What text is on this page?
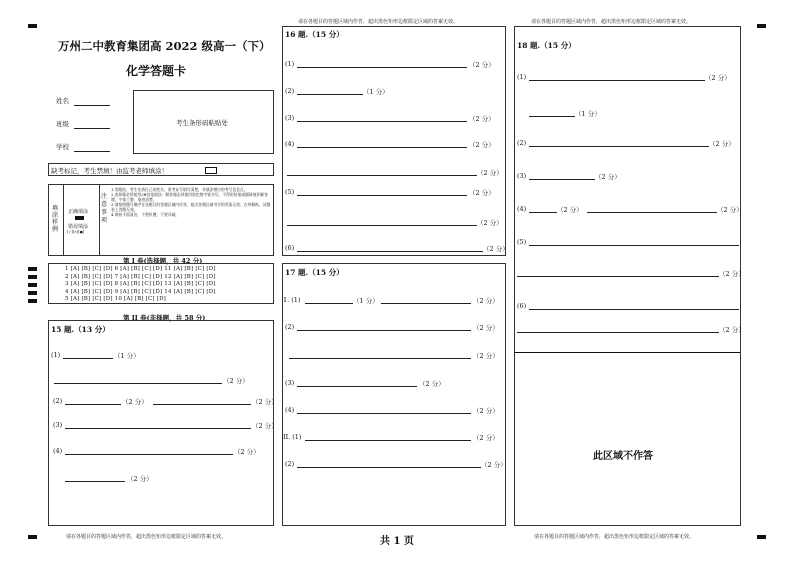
请在各题目的答题区域内作答，超出黑色矩形边框限定区域的答案无效。	请在各题目的答题区域内作答，超出黑色矩形边框限定区域的答案无效。
万州二中教育集团高 2022 级高一（下）
化学答题卡
姓名
班级
学校
考生条形码粘贴处
缺考标记，考生禁填！由监考老师填涂！
填涂样例
正确填涂
错误填涂
[✓][×][●]
注意事项
1.答题前，考生先将自己的姓名、准考证号填写清楚，并填涂相应的考号信息点。
2.选择题必须使用2B铅笔填涂；解答题必须使用黑色签字笔书写，不得用铅笔或圆珠笔作解答题；字体工整、笔迹清楚。
3.请按照题号顺序在各题目的答题区域内作答，超出答题区域书写的答案无效；在草稿纸、试题卷上答题无效。
4.保持卡面清洁，不要折叠，不要弄破。
第 I 卷(选择题，共 42 分)
1 [A] [B] [C] [D] 6 [A] [B] [C] [D] 11 [A] [B] [C] [D]
2 [A] [B] [C] [D] 7 [A] [B] [C] [D] 12 [A] [B] [C] [D]
3 [A] [B] [C] [D] 8 [A] [B] [C] [D] 13 [A] [B] [C] [D]
4 [A] [B] [C] [D] 9 [A] [B] [C] [D] 14 [A] [B] [C] [D]
5 [A] [B] [C] [D] 10 [A] [B] [C] [D]
第 II 卷(非择题，共 58 分)
15 题.（13 分）
(1)	（1 分）
（2 分）
(2)	（2 分）	（2 分）
(3)	（2 分）
(4)	（2 分）
（2 分）
16 题.（15 分）
(1)	（2 分）
(2)	（1 分）
(3)	（2 分）
(4)	（2 分）
（2 分）
(5)	（2 分）
（2 分）
(6)	（2 分）
17 题.（15 分）
1. (1)	（1 分）	（2 分）
(2)	（2 分）
（2 分）
(3)	（2 分）
(4)	（2 分）
II. (1)	（2 分）
(2)	（2 分）
18 题.（15 分）
(1)	（2 分）
（1 分）
(2)	（2 分）
(3)	（2 分）
(4)	（2 分）	（2 分）
(5)
（2 分）
(6)
（2 分）
此区域不作答
请在各题目的答题区域内作答，超出黑色矩形边框限定区域的答案无效。	共 1 页	请在各题目的答题区域内作答，超出黑色矩形边框限定区域的答案无效。
